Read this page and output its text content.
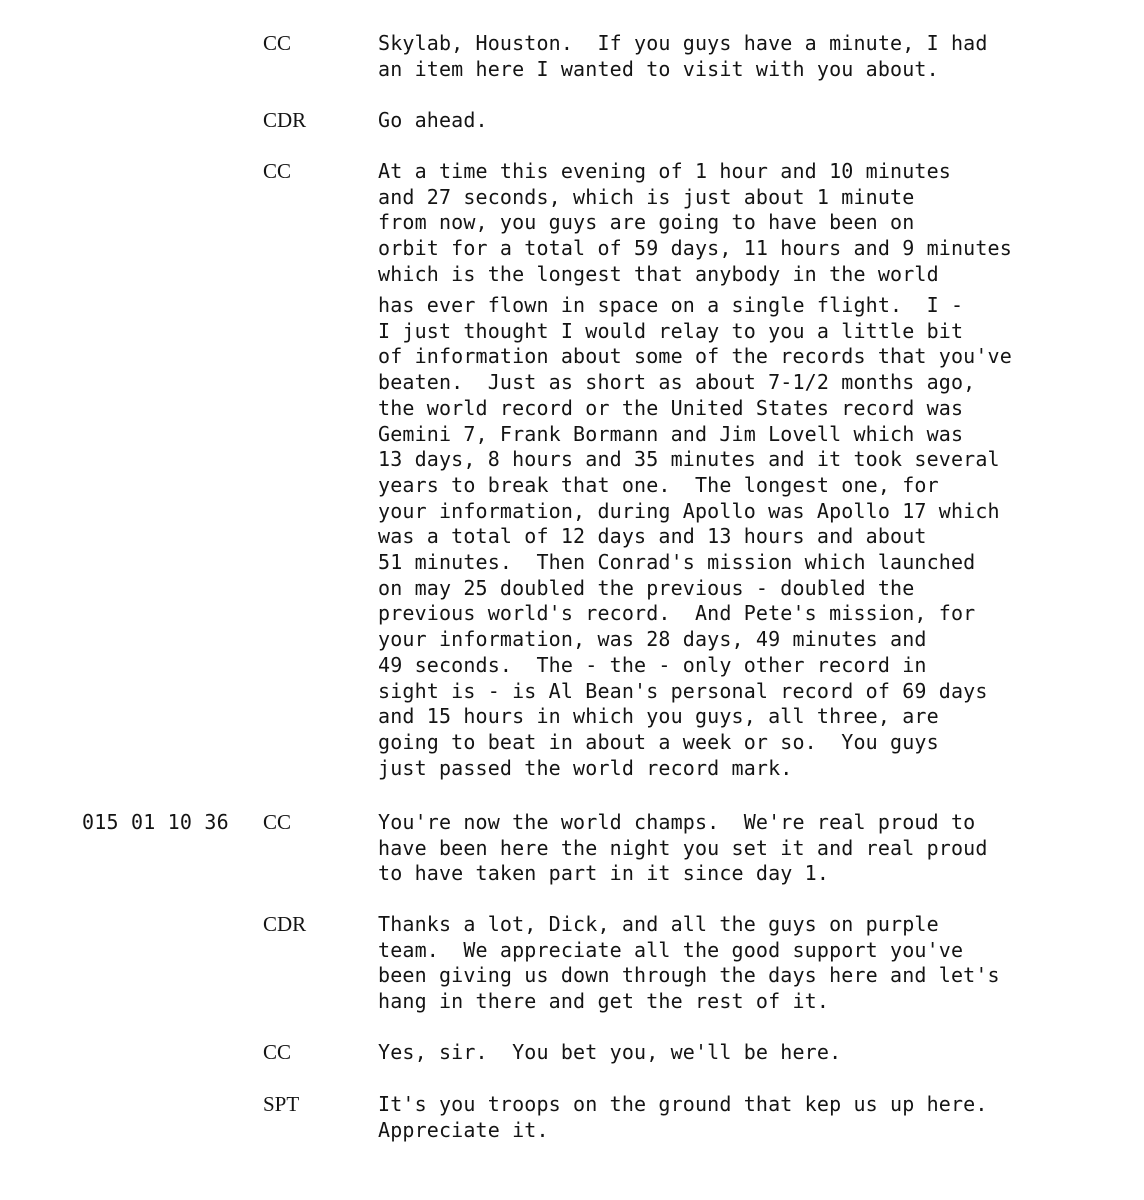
CC	Skylab, Houston.  If you guys have a minute, I had
an item here I wanted to visit with you about.
CDR	Go ahead.
CC	At a time this evening of 1 hour and 10 minutes
and 27 seconds, which is just about 1 minute
from now, you guys are going to have been on
orbit for a total of 59 days, 11 hours and 9 minutes
which is the longest that anybody in the world
has ever flown in space on a single flight.  I -
I just thought I would relay to you a little bit
of information about some of the records that you've
beaten.  Just as short as about 7-1/2 months ago,
the world record or the United States record was
Gemini 7, Frank Bormann and Jim Lovell which was
13 days, 8 hours and 35 minutes and it took several
years to break that one.  The longest one, for
your information, during Apollo was Apollo 17 which
was a total of 12 days and 13 hours and about
51 minutes.  Then Conrad's mission which launched
on may 25 doubled the previous - doubled the
previous world's record.  And Pete's mission, for
your information, was 28 days, 49 minutes and
49 seconds.  The - the - only other record in
sight is - is Al Bean's personal record of 69 days
and 15 hours in which you guys, all three, are
going to beat in about a week or so.  You guys
just passed the world record mark.
015 01 10 36 CC	You're now the world champs.  We're real proud to
have been here the night you set it and real proud
to have taken part in it since day 1.
CDR	Thanks a lot, Dick, and all the guys on purple
team.  We appreciate all the good support you've
been giving us down through the days here and let's
hang in there and get the rest of it.
CC	Yes, sir.  You bet you, we'll be here.
SPT	It's you troops on the ground that kep us up here.
Appreciate it.
